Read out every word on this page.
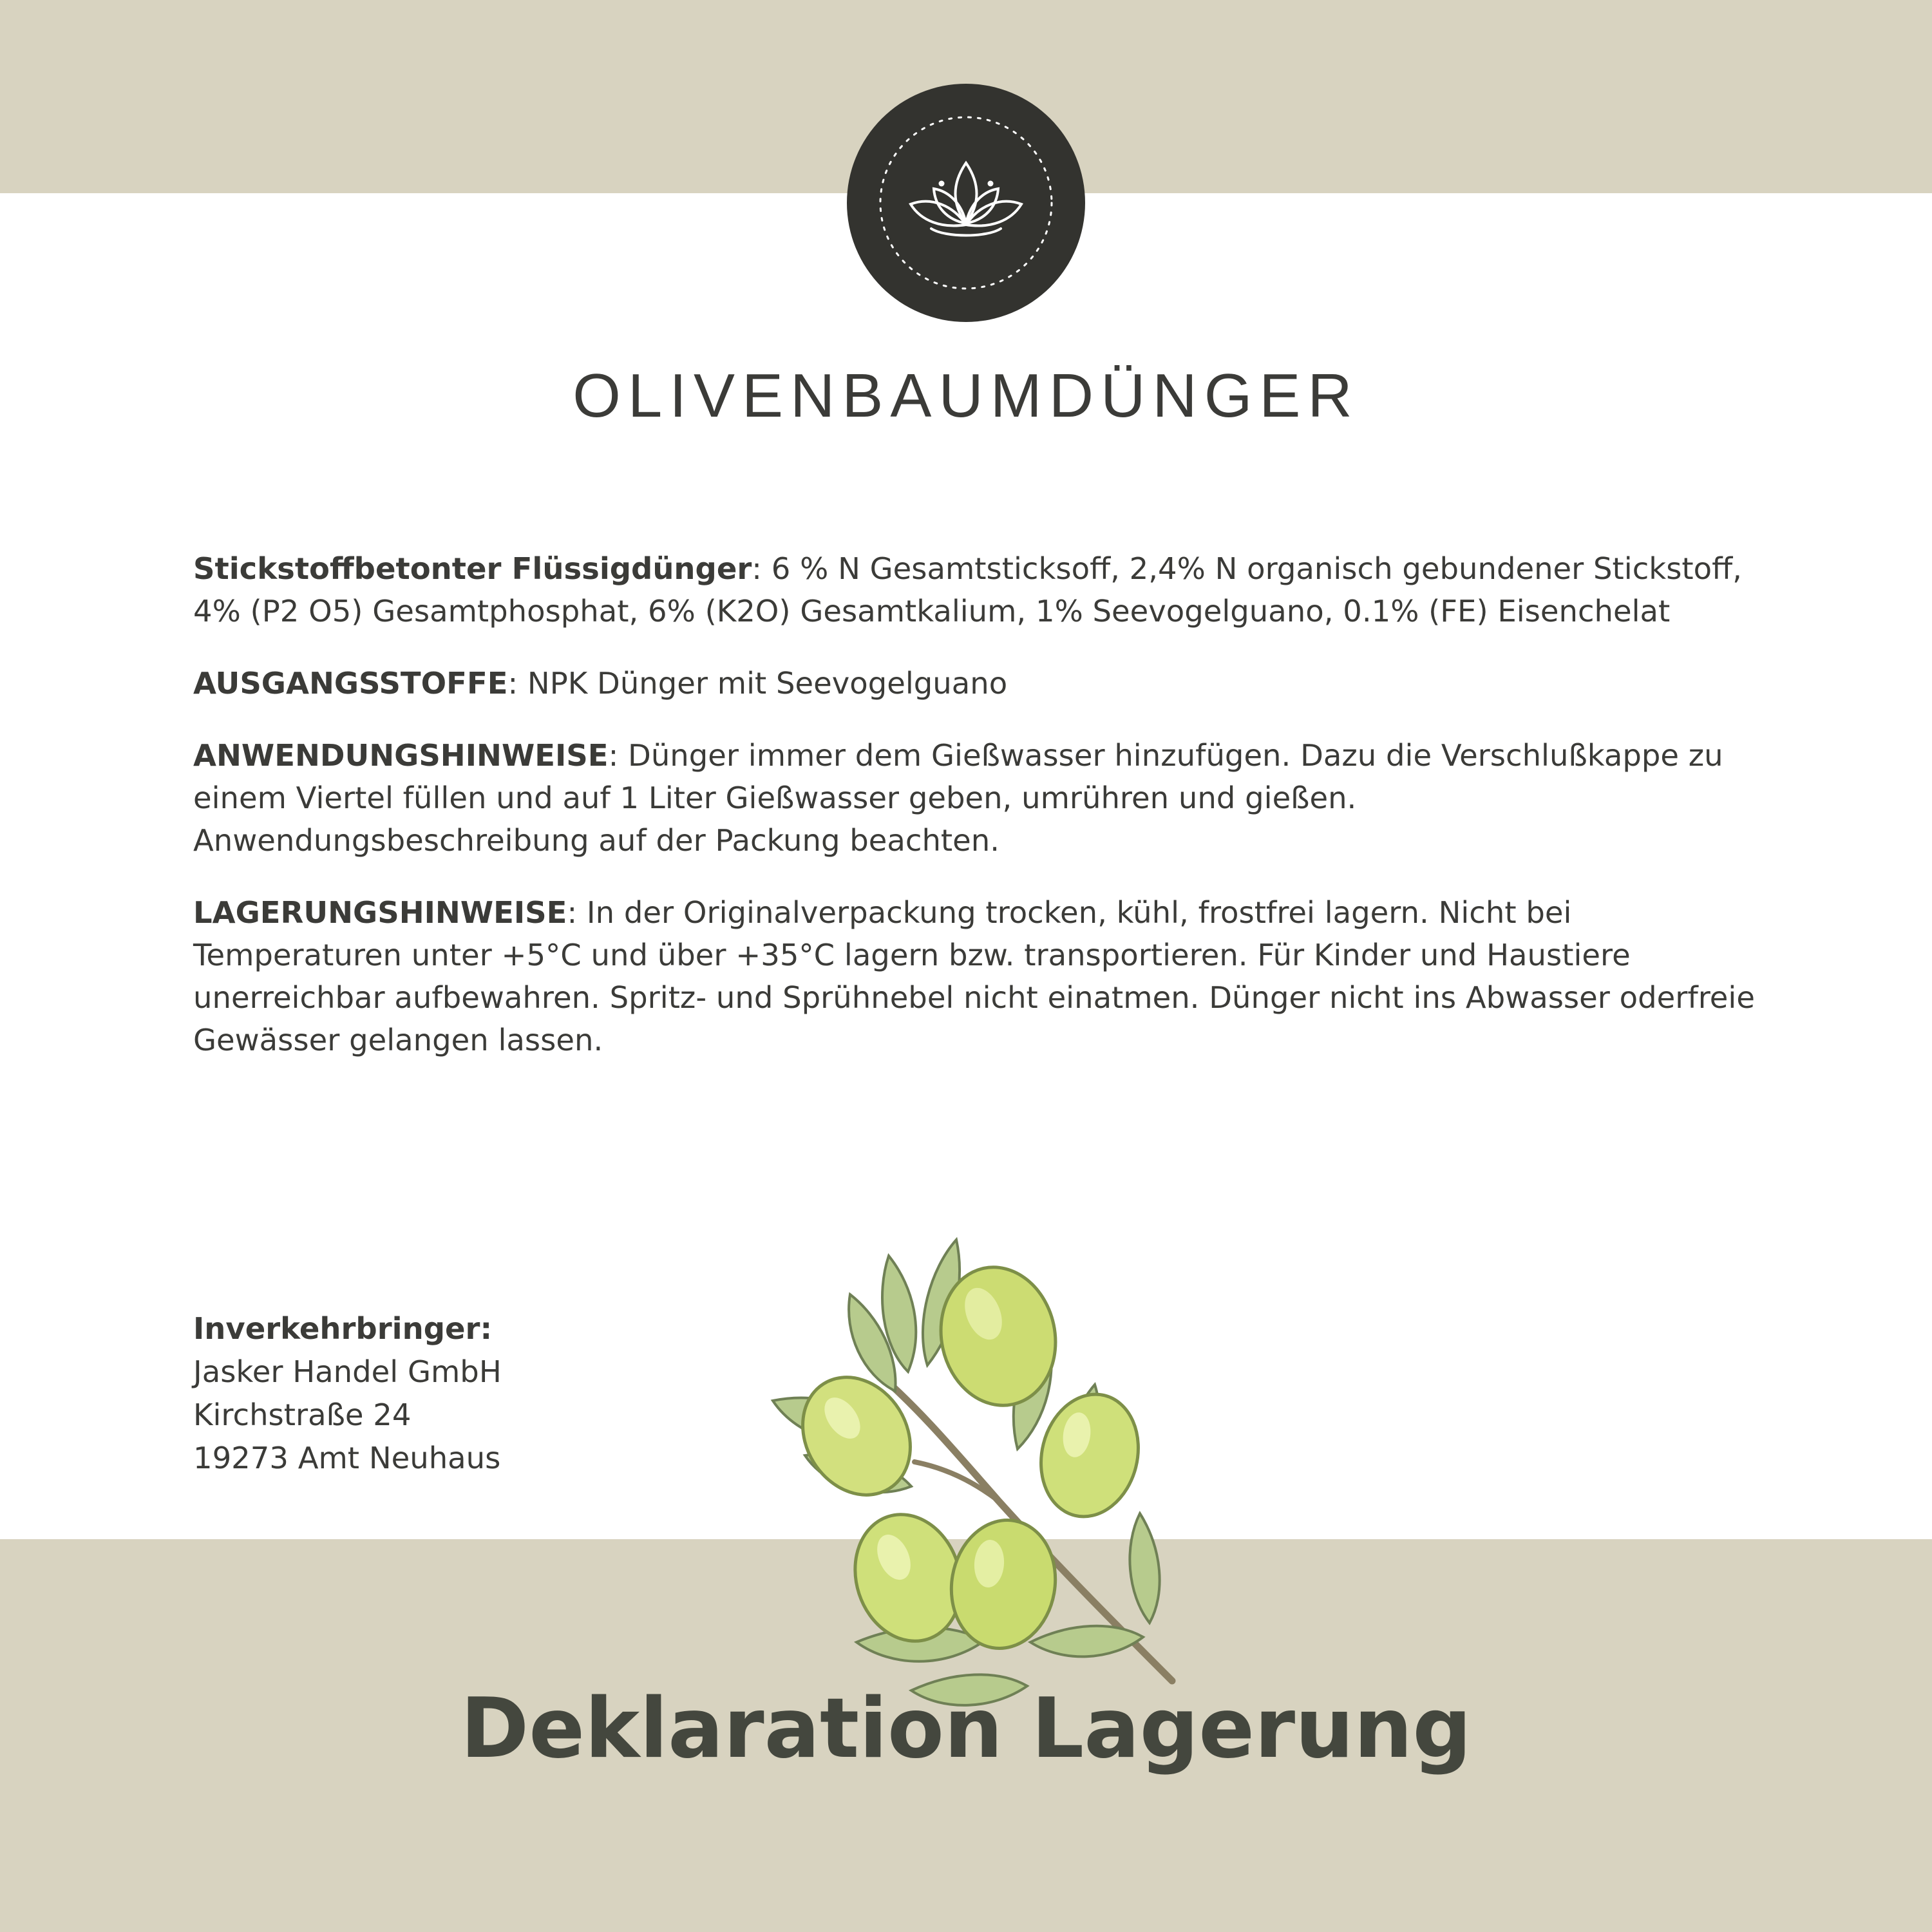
OLIVENBAUMDÜNGER

Stickstoffbetonter Flüssigdünger: 6 % N Gesamtsticksoff, 2,4% N organisch gebundener Stickstoff, 4% (P2 O5) Gesamtphosphat, 6% (K2O) Gesamtkalium, 1% Seevogelguano, 0.1% (FE) Eisenchelat

AUSGANGSSTOFFE: NPK Dünger mit Seevogelguano

ANWENDUNGSHINWEISE: Dünger immer dem Gießwasser hinzufügen. Dazu die Verschlußkappe zu einem Viertel füllen und auf 1 Liter Gießwasser geben, umrühren und gießen. Anwendungsbeschreibung auf der Packung beachten.

LAGERUNGSHINWEISE: In der Originalverpackung trocken, kühl, frostfrei lagern. Nicht bei Temperaturen unter +5°C und über +35°C lagern bzw. transportieren. Für Kinder und Haustiere unerreichbar aufbewahren. Spritz- und Sprühnebel nicht einatmen. Dünger nicht ins Abwasser oderfreie Gewässer gelangen lassen.

Inverkehrbringer:
Jasker Handel GmbH
Kirchstraße 24
19273 Amt Neuhaus
Deklaration Lagerung
